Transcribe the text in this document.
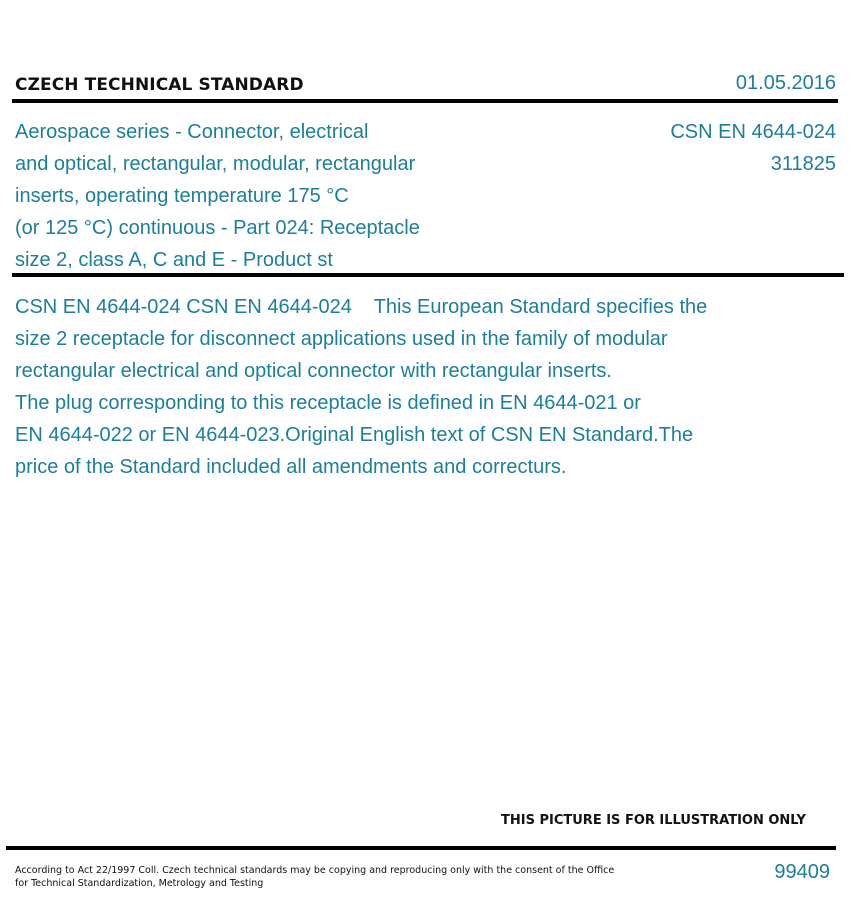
CZECH TECHNICAL STANDARD	01.05.2016
Aerospace series - Connector, electrical
and optical, rectangular, modular, rectangular
inserts, operating temperature 175 °C
(or 125 °C) continuous - Part 024: Receptacle
size 2, class A, C and E - Product st
CSN EN 4644-024
311825
CSN EN 4644-024 CSN EN 4644-024    This European Standard specifies the
size 2 receptacle for disconnect applications used in the family of modular
rectangular electrical and optical connector with rectangular inserts.
The plug corresponding to this receptacle is defined in EN 4644-021 or
EN 4644-022 or EN 4644-023.Original English text of CSN EN Standard.The
price of the Standard included all amendments and correcturs.
THIS PICTURE IS FOR ILLUSTRATION ONLY
According to Act 22/1997 Coll. Czech technical standards may be copying and reproducing only with the consent of the Office
for Technical Standardization, Metrology and Testing
99409
